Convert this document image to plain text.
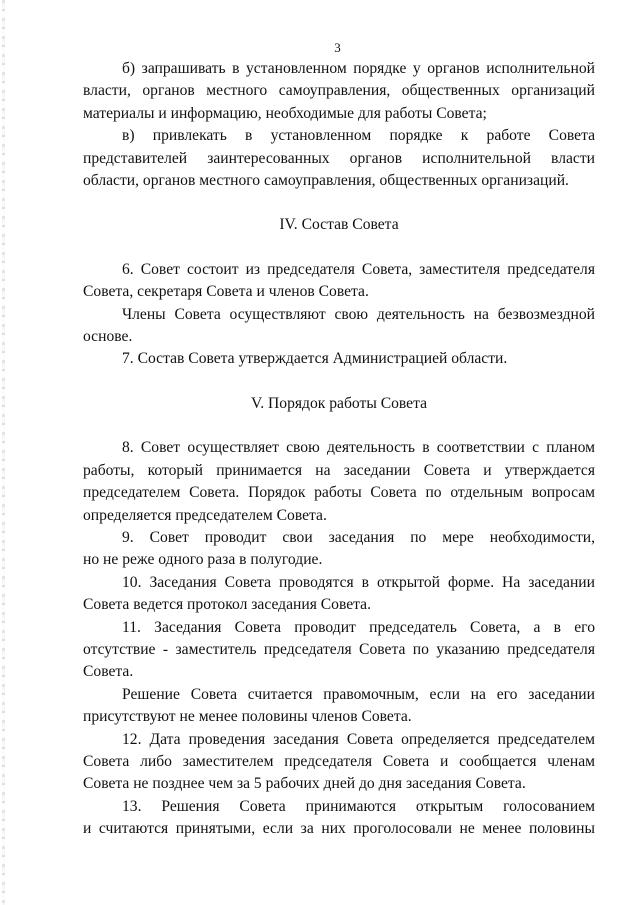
3
б) запрашивать в установленном порядке у органов исполнительной
власти, органов местного самоуправления, общественных организаций
материалы и информацию, необходимые для работы Совета;
в) привлекать в установленном порядке к работе Совета
представителей заинтересованных органов исполнительной власти
области, органов местного самоуправления, общественных организаций.
IV. Состав Совета
6. Совет состоит из председателя Совета, заместителя председателя
Совета, секретаря Совета и членов Совета.
Члены Совета осуществляют свою деятельность на безвозмездной
основе.
7. Состав Совета утверждается Администрацией области.
V. Порядок работы Совета
8. Совет осуществляет свою деятельность в соответствии с планом
работы, который принимается на заседании Совета и утверждается
председателем Совета. Порядок работы Совета по отдельным вопросам
определяется председателем Совета.
9. Совет проводит свои заседания по мере необходимости,
но не реже одного раза в полугодие.
10. Заседания Совета проводятся в открытой форме. На заседании
Совета ведется протокол заседания Совета.
11. Заседания Совета проводит председатель Совета, а в его
отсутствие - заместитель председателя Совета по указанию председателя
Совета.
Решение Совета считается правомочным, если на его заседании
присутствуют не менее половины членов Совета.
12. Дата проведения заседания Совета определяется председателем
Совета либо заместителем председателя Совета и сообщается членам
Совета не позднее чем за 5 рабочих дней до дня заседания Совета.
13. Решения Совета принимаются открытым голосованием
и считаются принятыми, если за них проголосовали не менее половины
